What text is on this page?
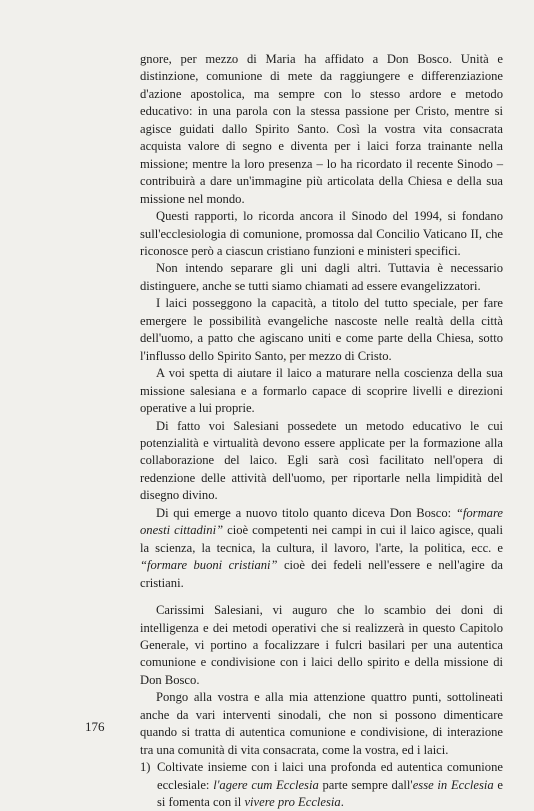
gnore, per mezzo di Maria ha affidato a Don Bosco. Unità e distinzione, comunione di mete da raggiungere e differenziazione d'azione apostolica, ma sempre con lo stesso ardore e metodo educativo: in una parola con la stessa passione per Cristo, mentre si agisce guidati dallo Spirito Santo. Così la vostra vita consacrata acquista valore di segno e diventa per i laici forza trainante nella missione; mentre la loro presenza – lo ha ricordato il recente Sinodo – contribuirà a dare un'immagine più articolata della Chiesa e della sua missione nel mondo.

Questi rapporti, lo ricorda ancora il Sinodo del 1994, si fondano sull'ecclesiologia di comunione, promossa dal Concilio Vaticano II, che riconosce però a ciascun cristiano funzioni e ministeri specifici.

Non intendo separare gli uni dagli altri. Tuttavia è necessario distinguere, anche se tutti siamo chiamati ad essere evangelizzatori.

I laici posseggono la capacità, a titolo del tutto speciale, per fare emergere le possibilità evangeliche nascoste nelle realtà della città dell'uomo, a patto che agiscano uniti e come parte della Chiesa, sotto l'influsso dello Spirito Santo, per mezzo di Cristo.

A voi spetta di aiutare il laico a maturare nella coscienza della sua missione salesiana e a formarlo capace di scoprire livelli e direzioni operative a lui proprie.

Di fatto voi Salesiani possedete un metodo educativo le cui potenzialità e virtualità devono essere applicate per la formazione alla collaborazione del laico. Egli sarà così facilitato nell'opera di redenzione delle attività dell'uomo, per riportarle nella limpidità del disegno divino.

Di qui emerge a nuovo titolo quanto diceva Don Bosco: “formare onesti cittadini” cioè competenti nei campi in cui il laico agisce, quali la scienza, la tecnica, la cultura, il lavoro, l'arte, la politica, ecc. e “formare buoni cristiani” cioè dei fedeli nell'essere e nell'agire da cristiani.

Carissimi Salesiani, vi auguro che lo scambio dei doni di intelligenza e dei metodi operativi che si realizzerà in questo Capitolo Generale, vi portino a focalizzare i fulcri basilari per una autentica comunione e condivisione con i laici dello spirito e della missione di Don Bosco.

Pongo alla vostra e alla mia attenzione quattro punti, sottolineati anche da vari interventi sinodali, che non si possono dimenticare quando si tratta di autentica comunione e condivisione, di interazione tra una comunità di vita consacrata, come la vostra, ed i laici.

1) Coltivate insieme con i laici una profonda ed autentica comunione ecclesiale: l'agere cum Ecclesia parte sempre dall'esse in Ecclesia e si fomenta con il vivere pro Ecclesia.

176
